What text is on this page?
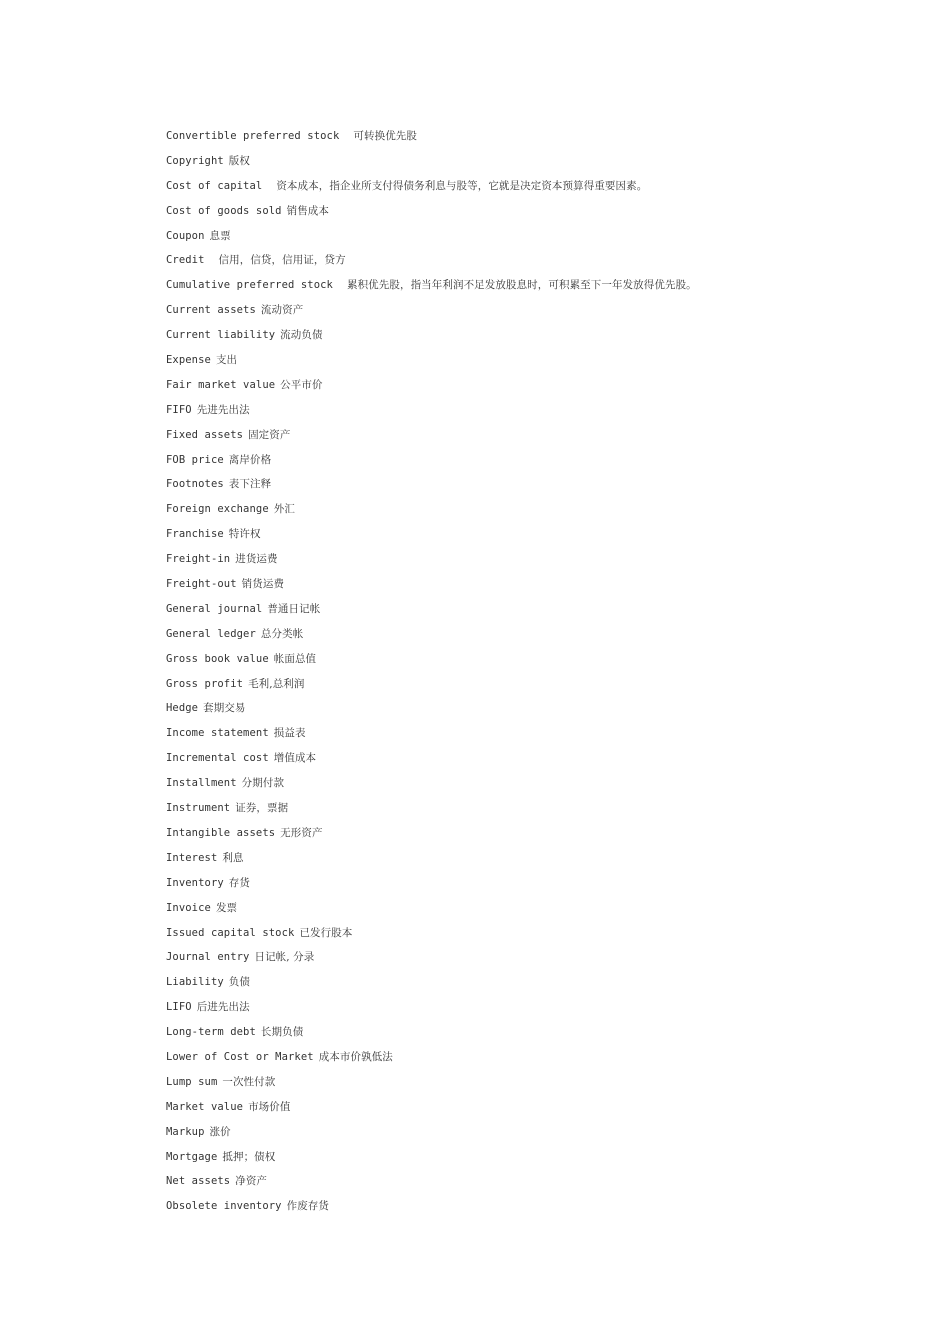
Convertible preferred stock 可转换优先股
Copyright 版权
Cost of capital 资本成本，指企业所支付得债务利息与股等，它就是决定资本预算得重要因素。
Cost of goods sold 销售成本
Coupon 息票
Credit 信用，信贷，信用证，贷方
Cumulative preferred stock 累积优先股，指当年利润不足发放股息时，可积累至下一年发放得优先股。
Current assets 流动资产
Current liability 流动负债
Expense 支出
Fair market value 公平市价
FIFO 先进先出法
Fixed assets 固定资产
FOB price 离岸价格
Footnotes 表下注释
Foreign exchange 外汇
Franchise 特许权
Freight-in 进货运费
Freight-out 销货运费
General journal 普通日记帐
General ledger 总分类帐
Gross book value 帐面总值
Gross profit 毛利,总利润
Hedge 套期交易
Income statement 损益表
Incremental cost 增值成本
Installment 分期付款
Instrument 证券，票据
Intangible assets 无形资产
Interest 利息
Inventory 存货
Invoice 发票
Issued capital stock 已发行股本
Journal entry 日记帐, 分录
Liability 负债
LIFO 后进先出法
Long-term debt 长期负债
Lower of Cost or Market 成本市价孰低法
Lump sum 一次性付款
Market value 市场价值
Markup 涨价
Mortgage 抵押；债权
Net assets 净资产
Obsolete inventory 作废存货
